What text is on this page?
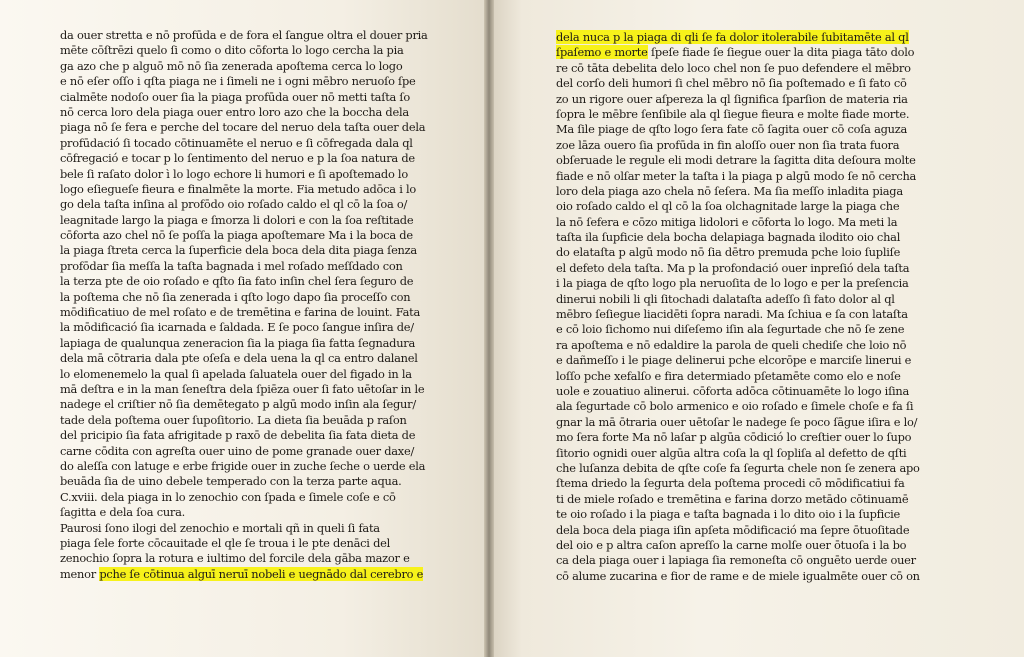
da ouer stretta e nō profūda e de fora el ſangue oltra el douer pria
mēte cōſtrēzi quelo ſi como o dito cōforta lo logo cercha la pia
ga azo che p alguō mō nō ſia zenerada apoſtema cerca lo logo
e nō eſer oſſo i qſta piaga ne i ſimeli ne i ogni mēbro neruoſo ſpe
cialmēte nodoſo ouer ſia la piaga profūda ouer nō metti taſta ſo
nō cerca loro dela piaga ouer entro loro azo che la boccha dela
piaga nō ſe fera e perche del tocare del neruo dela taſta ouer dela
profūdació ſi tocado cōtinuamēte el neruo e ſi cōfregada dala ql
cōfregació e tocar p lo ſentimento del neruo e p la ſoa natura de
bele ſi raſato dolor ì lo logo echore li humori e ſi apoſtemado lo
logo eſiegueſe fieura e finalmēte la morte. Fia metudo adōca i lo
go dela taſta inſina al profōdo oio roſado caldo el ql cō la ſoa o/
leagnitade largo la piaga e ſmorza li dolori e con la ſoa reſtitade
cōforta azo chel nō ſe poſſa la piaga apoſtemare Ma i la boca de
la piaga ſtreta cerca la ſuperficie dela boca dela dita piaga ſenza
profōdar ſia meſſa la taſta bagnada i mel roſado meſſdado con
la terza pte de oio roſado e qſto ſia fato inſin chel ſera ſeguro de
la poſtema che nō ſia zenerada i qſto logo dapo ſia proceſſo con
mōdificatiuo de mel roſato e de tremētina e farina de louint. Fata
la mōdificació ſia icarnada e ſaldada. E ſe poco ſangue inſira de/
lapiaga de qualunqua zeneracion ſia la piaga ſia fatta ſegnadura
dela mā cōtraria dala pte oſeſa e dela uena la ql ca entro dalanel
lo elomenemelo la qual ſi apelada ſaluatela ouer del figado in la
mā deſtra e in la man ſeneſtra dela ſpiēza ouer ſi fato uētoſar in le
nadege el criſtier nō ſia demētegato p algū modo inſin ala ſegur/
tade dela poſtema ouer ſupoſitorio. La dieta ſia beuāda p raſon
del pricipio ſia fata afrigitade p raxō de debelita ſia fata dieta de
carne cōdita con agreſta ouer uino de pome granade ouer daxe/
do aleſſa con latuge e erbe frigide ouer in zuche ſeche o uerde ela
beuāda ſia de uino debele temperado con la terza parte aqua.
C.xviii. dela piaga in lo zenochio con ſpada e ſimele coſe e cō
ſagitta e dela ſoa cura.
Paurosi ſono ilogi del zenochio e mortali qñ in queli ſi fata
piaga ſele forte cōcauitade el qle ſe troua i le pte denāci del
zenochio ſopra la rotura e iultimo del forcile dela gāba mazor e
menor pche ſe cōtinua alguī neruī nobeli e uegnādo dal cerebro e
dela nuca p la piaga di qli ſe fa dolor itolerabile ſubitamēte al ql
ſpaſemo e morte ſpeſe fiade ſe ſiegue ouer la dita piaga tāto dolo
re cō tāta debelita delo loco chel non ſe puo defendere el mēbro
del corſo deli humori ſi chel mēbro nō ſia poſtemado e ſi fato cō
zo un rigore ouer aſpereza la ql ſignifica ſparſion de materia ria
ſopra le mēbre ſenſibile ala ql ſiegue fieura e molte fiade morte.
Ma ſile piage de qſto logo ſera fate cō ſagita ouer cō coſa aguza
zoe lāza ouero ſia profūda in fin aloſſo ouer non ſia trata fuora
obſeruade le regule eli modi detrare la ſagitta dita deſoura molte
fiade e nō olſar meter la taſta i la piaga p algū modo ſe nō cercha
loro dela piaga azo chela nō ſeſera. Ma ſia meſſo inladita piaga
oio roſado caldo el ql cō la ſoa olchagnitade large la piaga che
la nō ſefera e cōzo mitiga lidolori e cōforta lo logo. Ma meti la
taſta ila ſupficie dela bocha delapiaga bagnada ilodito oio chal
do elataſta p algū modo nō ſia dētro premuda pche loio ſupliſe
el defeto dela taſta. Ma p la profondació ouer inpreſió dela taſta
i la piaga de qſto logo pla neruoſita de lo logo e per la preſencia
dinerui nobili li qli ſitochadi dalataſta adeſſo ſi fato dolor al ql
mēbro ſeſiegue liacidēti ſopra naradi. Ma ſchiua e ſa con lataſta
e cō loio ſichomo nui diſeſemo iſin ala ſegurtade che nō ſe zene
ra apoſtema e nō edaldire la parola de queli chediſe che loio nō
e dañmeſſo i le piage delinerui pche elcorōpe e marciſe linerui e
loſſo pche xefalſo e fira determiado pſetamēte como elo e noſe
uole e zouatiuo alinerui. cōforta adōca cōtinuamēte lo logo iſina
ala ſegurtade cō bolo armenico e oio roſado e ſimele choſe e fa ſi
gnar la mā ōtraria ouer uētoſar le nadege ſe poco ſāgue iſira e lo/
mo ſera forte Ma nō laſar p algūa cōdició lo creſtier ouer lo ſupo
ſitorio ognidi ouer algūa altra coſa la ql ſopliſa al defetto de qſti
che luſanza debita de qſte coſe fa ſegurta chele non ſe zenera apo
ſtema driedo la ſegurta dela poſtema procedi cō mōdificatiui fa
ti de miele roſado e tremētina e farina dorzo metādo cōtinuamē
te oio roſado i la piaga e taſta bagnada i lo dito oio i la ſupficie
dela boca dela piaga iſin apſeta mōdificació ma ſepre ōtuoſitade
del oio e p altra caſon apreſſo la carne molſe ouer ōtuoſa i la bo
ca dela piaga ouer i lapiaga ſia remoneſta cō onguēto uerde ouer
cō alume zucarina e fior de rame e de miele igualmēte ouer cō on
